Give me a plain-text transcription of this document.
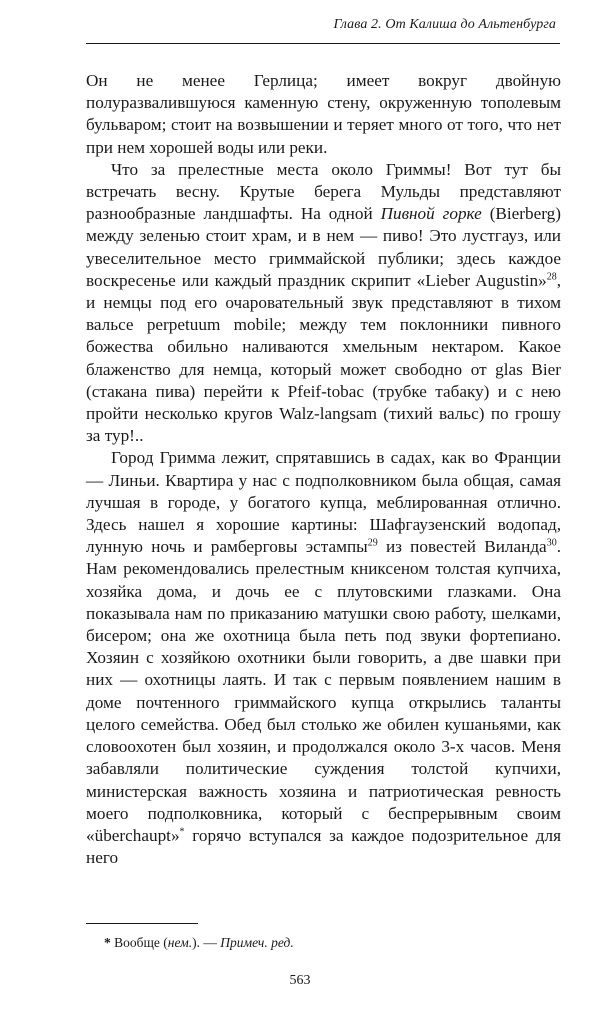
Глава 2. От Калиша до Альтенбурга

Он не менее Герлица; имеет вокруг двойную полуразвалившуюся каменную стену, окруженную тополевым бульваром; стоит на возвышении и теряет много от того, что нет при нем хорошей воды или реки.

Что за прелестные места около Гриммы! Вот тут бы встречать весну. Крутые берега Мульды представляют разнообразные ландшафты. На одной Пивной горке (Bierberg) между зеленью стоит храм, и в нем — пиво! Это лустгауз, или увеселительное место гриммайской публики; здесь каждое воскресенье или каждый праздник скрипит «Lieber Augustin»$^{28}$, и немцы под его очаровательный звук представляют в тихом вальсе perpetuum mobile; между тем поклонники пивного божества обильно наливаются хмельным нектаром. Какое блаженство для немца, который может свободно от glas Bier (стакана пива) перейти к Pfeif-tobac (трубке табаку) и с нею пройти несколько кругов Walz-langsam (тихий вальс) по грошу за тур!..

Город Гримма лежит, спрятавшись в садах, как во Франции — Линьи. Квартира у нас с подполковником была общая, самая лучшая в городе, у богатого купца, меблированная отлично. Здесь нашел я хорошие картины: Шафгаузенский водопад, лунную ночь и рамберговы эстампы$^{29}$ из повестей Виланда$^{30}$. Нам рекомендовались прелестным книксеном толстая купчиха, хозяйка дома, и дочь ее с плутовскими глазками. Она показывала нам по приказанию матушки свою работу, шелками, бисером; она же охотница была петь под звуки фортепиано. Хозяин с хозяйкою охотники были говорить, а две шавки при них — охотницы лаять. И так с первым появлением нашим в доме почтенного гриммайского купца открылись таланты целого семейства. Обед был столько же обилен кушаньями, как словоохотен был хозяин, и продолжался около 3-х часов. Меня забавляли политические суждения толстой купчихи, министерская важность хозяина и патриотическая ревность моего подполковника, который с беспрерывным своим «überchaupt»* горячо вступался за каждое подозрительное для него

* Вообще (нем.). — Примеч. ред.
563
